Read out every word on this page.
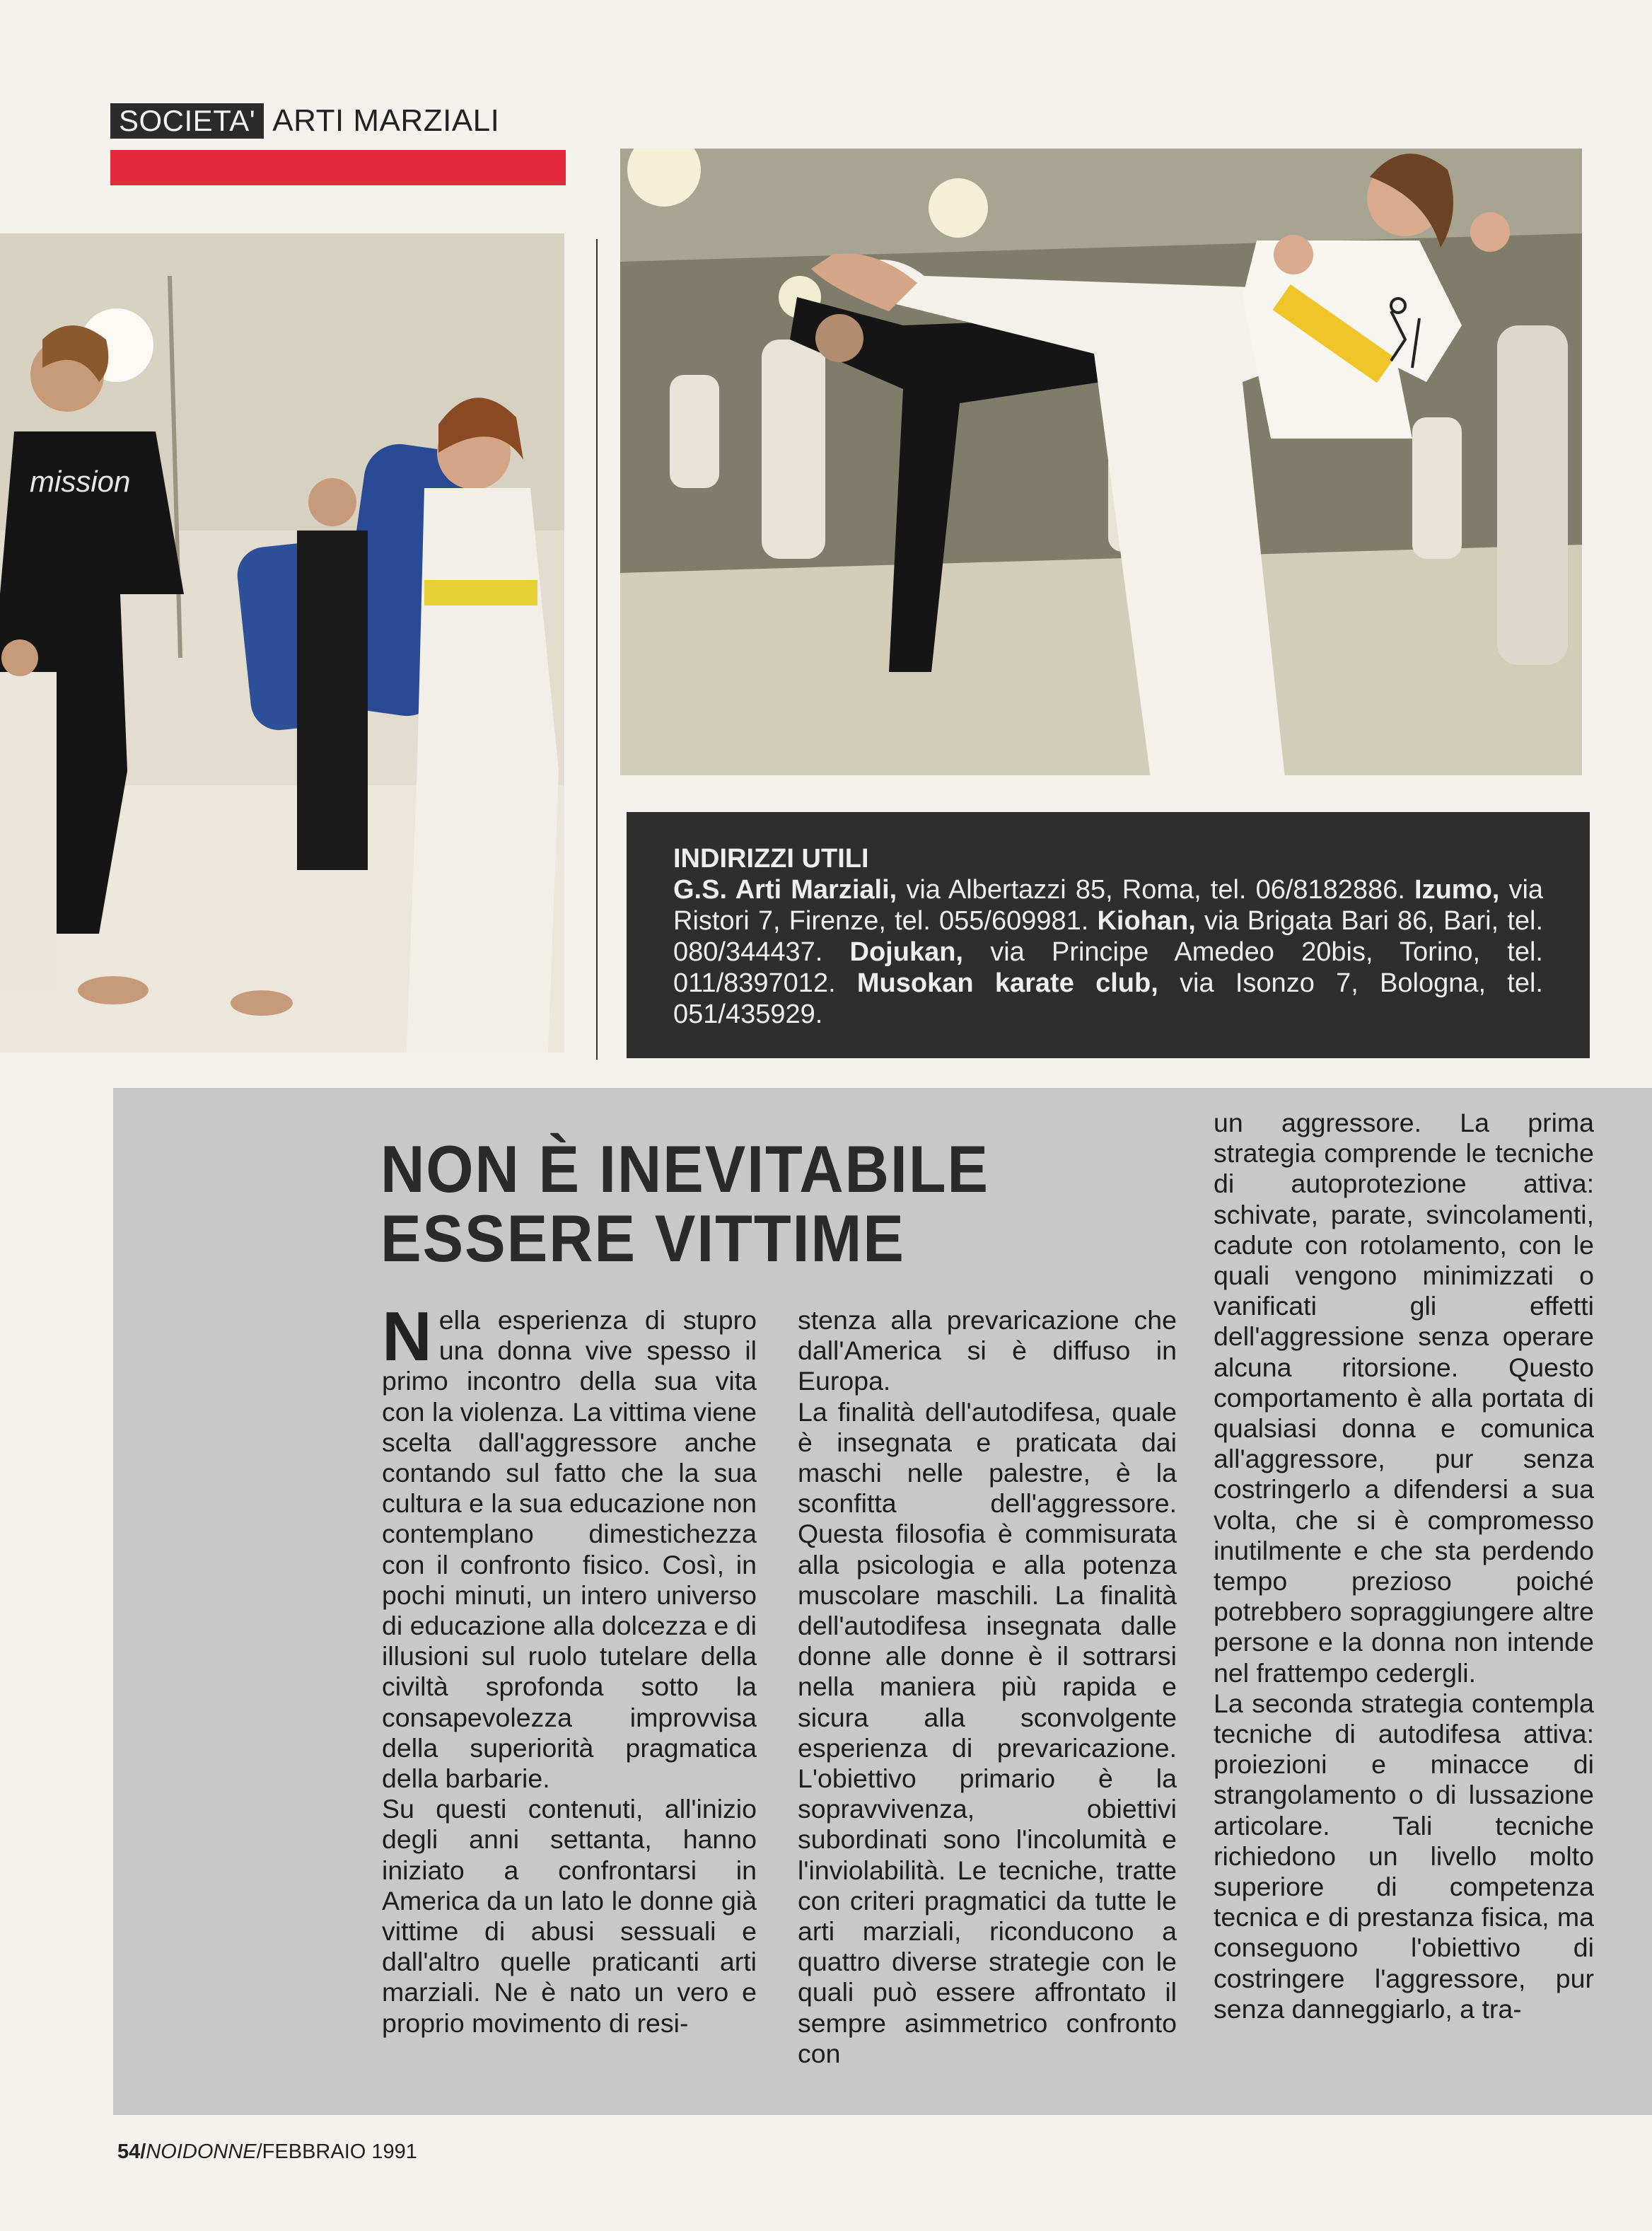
SOCIETA' ARTI MARZIALI
mission
INDIRIZZI UTILI
G.S. Arti Marziali, via Albertazzi 85, Roma, tel. 06/8182886. Izumo, via Ristori 7, Firenze, tel. 055/609981. Kiohan, via Brigata Bari 86, Bari, tel. 080/344437. Dojukan, via Principe Amedeo 20bis, Torino, tel. 011/8397012. Musokan karate club, via Isonzo 7, Bologna, tel. 051/435929.
NON È INEVITABILE
ESSERE VITTIME

Nella esperienza di stupro una donna vive spesso il primo incontro della sua vita con la violenza. La vittima viene scelta dall'aggressore anche contando sul fatto che la sua cultura e la sua educazione non contemplano dimestichezza con il confronto fisico. Così, in pochi minuti, un intero universo di educazione alla dolcezza e di illusioni sul ruolo tutelare della civiltà sprofonda sotto la consapevolezza improvvisa della superiorità pragmatica della barbarie.

Su questi contenuti, all'inizio degli anni settanta, hanno iniziato a confrontarsi in America da un lato le donne già vittime di abusi sessuali e dall'altro quelle praticanti arti marziali. Ne è nato un vero e proprio movimento di resi-

stenza alla prevaricazione che dall'America si è diffuso in Europa.

La finalità dell'autodifesa, quale è insegnata e praticata dai maschi nelle palestre, è la sconfitta dell'aggressore. Questa filosofia è commisurata alla psicologia e alla potenza muscolare maschili. La finalità dell'autodifesa insegnata dalle donne alle donne è il sottrarsi nella maniera più rapida e sicura alla sconvolgente esperienza di prevaricazione. L'obiettivo primario è la sopravvivenza, obiettivi subordinati sono l'incolumità e l'inviolabilità. Le tecniche, tratte con criteri pragmatici da tutte le arti marziali, riconducono a quattro diverse strategie con le quali può essere affrontato il sempre asimmetrico confronto con

un aggressore. La prima strategia comprende le tecniche di autoprotezione attiva: schivate, parate, svincolamenti, cadute con rotolamento, con le quali vengono minimizzati o vanificati gli effetti dell'aggressione senza operare alcuna ritorsione. Questo comportamento è alla portata di qualsiasi donna e comunica all'aggressore, pur senza costringerlo a difendersi a sua volta, che si è compromesso inutilmente e che sta perdendo tempo prezioso poiché potrebbero sopraggiungere altre persone e la donna non intende nel frattempo cedergli.

La seconda strategia contempla tecniche di autodifesa attiva: proiezioni e minacce di strangolamento o di lussazione articolare. Tali tecniche richiedono un livello molto superiore di competenza tecnica e di prestanza fisica, ma conseguono l'obiettivo di costringere l'aggressore, pur senza danneggiarlo, a tra-

54/NOIDONNE/FEBBRAIO 1991
